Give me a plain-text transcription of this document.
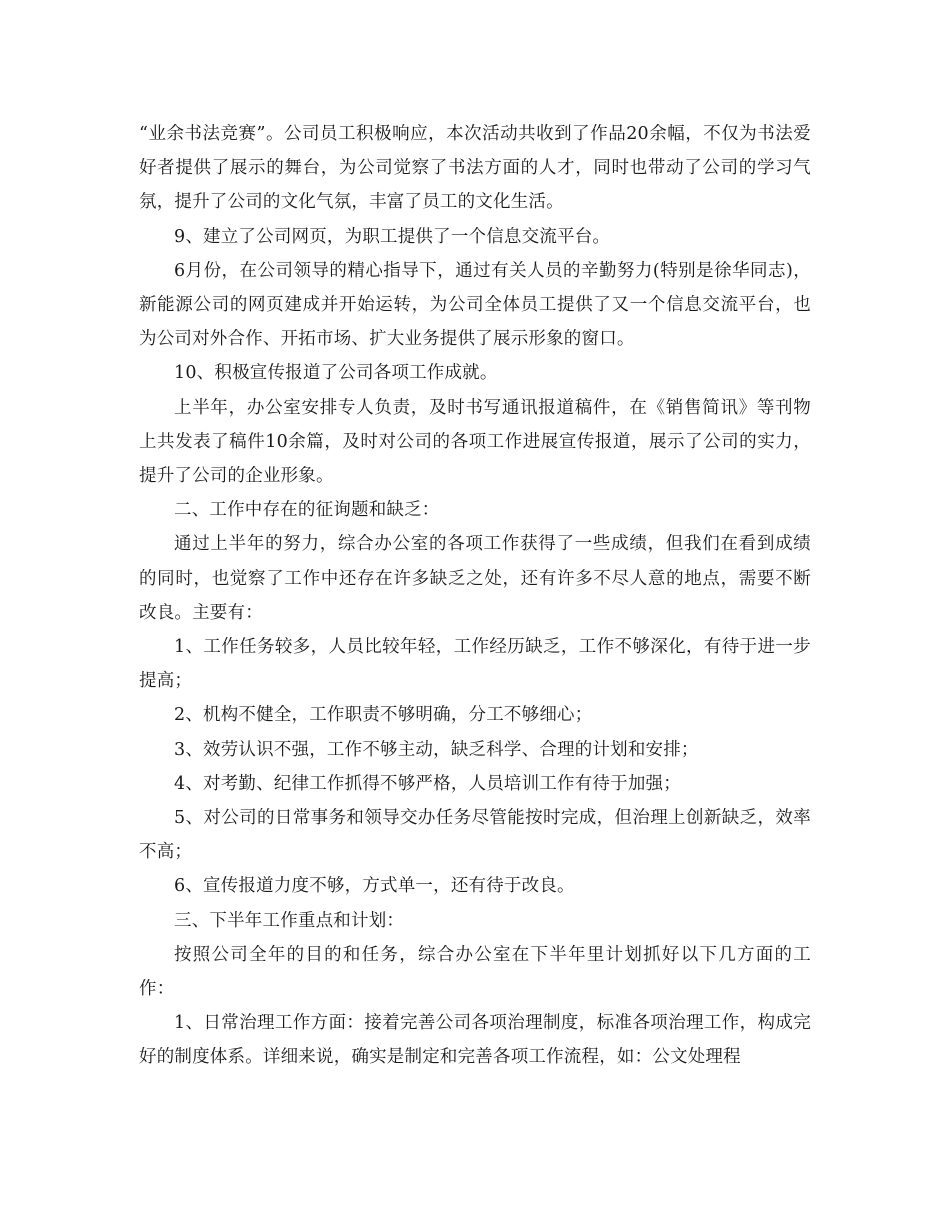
“业余书法竞赛”。公司员工积极响应，本次活动共收到了作品20余幅，不仅为书法爱好者提供了展示的舞台，为公司觉察了书法方面的人才，同时也带动了公司的学习气氛，提升了公司的文化气氛，丰富了员工的文化生活。

9、建立了公司网页，为职工提供了一个信息交流平台。

6月份，在公司领导的精心指导下，通过有关人员的辛勤努力(特别是徐华同志)，新能源公司的网页建成并开始运转，为公司全体员工提供了又一个信息交流平台，也为公司对外合作、开拓市场、扩大业务提供了展示形象的窗口。

10、积极宣传报道了公司各项工作成就。

上半年，办公室安排专人负责，及时书写通讯报道稿件，在《销售简讯》等刊物上共发表了稿件10余篇，及时对公司的各项工作进展宣传报道，展示了公司的实力，提升了公司的企业形象。

二、工作中存在的征询题和缺乏：

通过上半年的努力，综合办公室的各项工作获得了一些成绩，但我们在看到成绩的同时，也觉察了工作中还存在许多缺乏之处，还有许多不尽人意的地点，需要不断改良。主要有：

1、工作任务较多，人员比较年轻，工作经历缺乏，工作不够深化，有待于进一步提高；

2、机构不健全，工作职责不够明确，分工不够细心；

3、效劳认识不强，工作不够主动，缺乏科学、合理的计划和安排；

4、对考勤、纪律工作抓得不够严格，人员培训工作有待于加强；

5、对公司的日常事务和领导交办任务尽管能按时完成，但治理上创新缺乏，效率不高；

6、宣传报道力度不够，方式单一，还有待于改良。

三、下半年工作重点和计划：

按照公司全年的目的和任务，综合办公室在下半年里计划抓好以下几方面的工作：

1、日常治理工作方面：接着完善公司各项治理制度，标准各项治理工作，构成完好的制度体系。详细来说，确实是制定和完善各项工作流程，如：公文处理程
